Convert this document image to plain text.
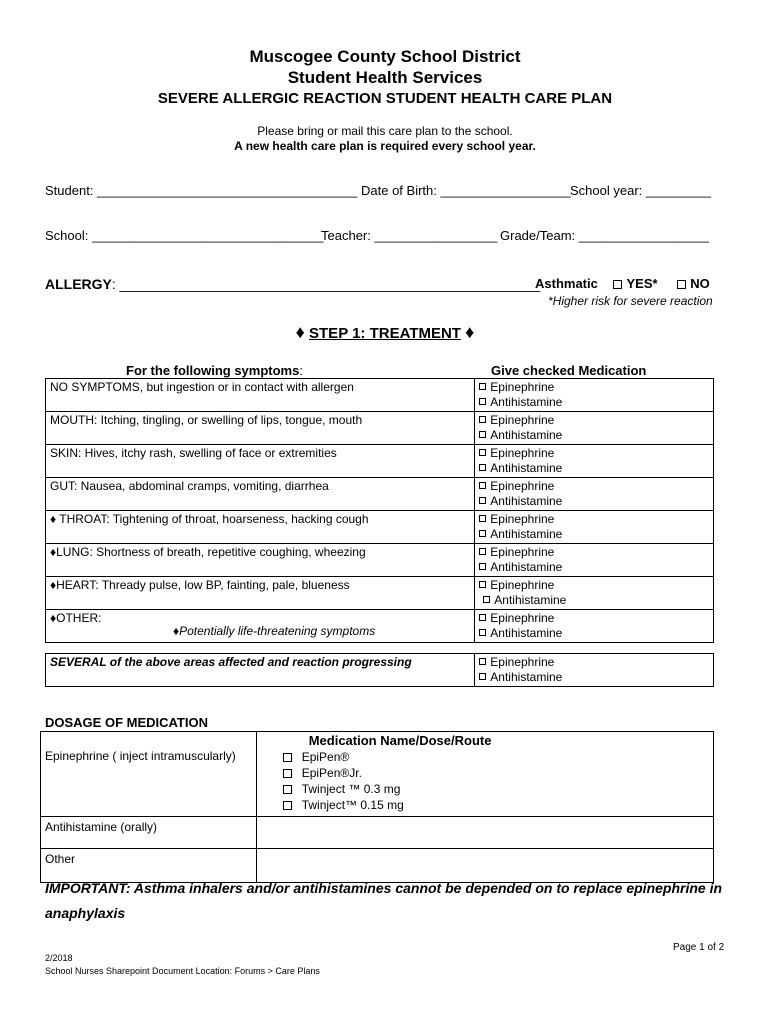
Muscogee County School District
Student Health Services
SEVERE ALLERGIC REACTION STUDENT HEALTH CARE PLAN
Please bring or mail this care plan to the school.
A new health care plan is required every school year.
Student: ____________________________________ Date of Birth: __________________ School year: _________
School: ________________________________
Teacher: _________________ Grade/Team: __________________
ALLERGY: ______________________________________________________
Asthmatic YES*	NO
*Higher risk for severe reaction
♦ STEP 1: TREATMENT ♦
For the following symptoms:	Give checked Medication
NO SYMPTOMS, but ingestion or in contact with allergen	Epinephrine
Antihistamine

MOUTH: Itching, tingling, or swelling of lips, tongue, mouth	Epinephrine
Antihistamine

SKIN: Hives, itchy rash, swelling of face or extremities	Epinephrine
Antihistamine

GUT: Nausea, abdominal cramps, vomiting, diarrhea	Epinephrine
Antihistamine

♦ THROAT: Tightening of throat, hoarseness, hacking cough	Epinephrine
Antihistamine

♦LUNG: Shortness of breath, repetitive coughing, wheezing	Epinephrine
Antihistamine

♦HEART: Thready pulse, low BP, fainting, pale, blueness	Epinephrine
Antihistamine

♦OTHER:	Epinephrine
Antihistamine
♦Potentially life-threatening symptoms
SEVERAL of the above areas affected and reaction progressing	Epinephrine
Antihistamine
DOSAGE OF MEDICATION
Epinephrine ( inject intramuscularly)	Medication Name/Dose/Route
EpiPen®
EpiPen®Jr.
Twinject ™ 0.3 mg
Twinject™ 0.15 mg

Antihistamine (orally)	
Other	
IMPORTANT: Asthma inhalers and/or antihistamines cannot be depended on to replace epinephrine in
anaphylaxis
Page 1 of 2
2/2018
School Nurses Sharepoint Document Location: Forums > Care Plans
